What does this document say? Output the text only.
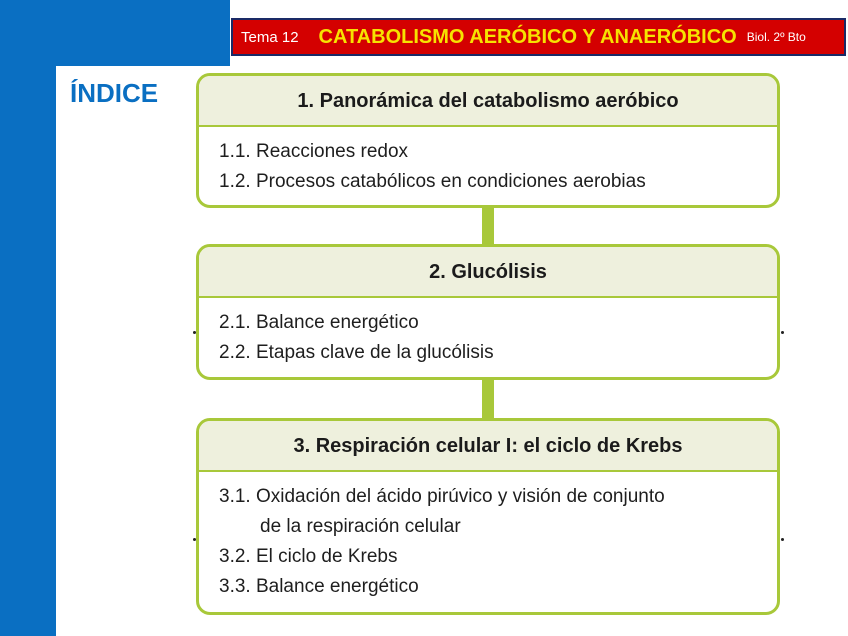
Tema 12 CATABOLISMO AERÓBICO Y ANAERÓBICO Biol. 2º Bto
ÍNDICE	1. Panorámica del catabolismo aeróbico
1.1. Reacciones redox
1.2. Procesos catabólicos en condiciones aerobias
2. Glucólisis
2.1. Balance energético
2.2. Etapas clave de la glucólisis
3. Respiración celular I: el ciclo de Krebs
3.1. Oxidación del ácido pirúvico y visión de conjunto
de la respiración celular
3.2. El ciclo de Krebs
3.3. Balance energético
